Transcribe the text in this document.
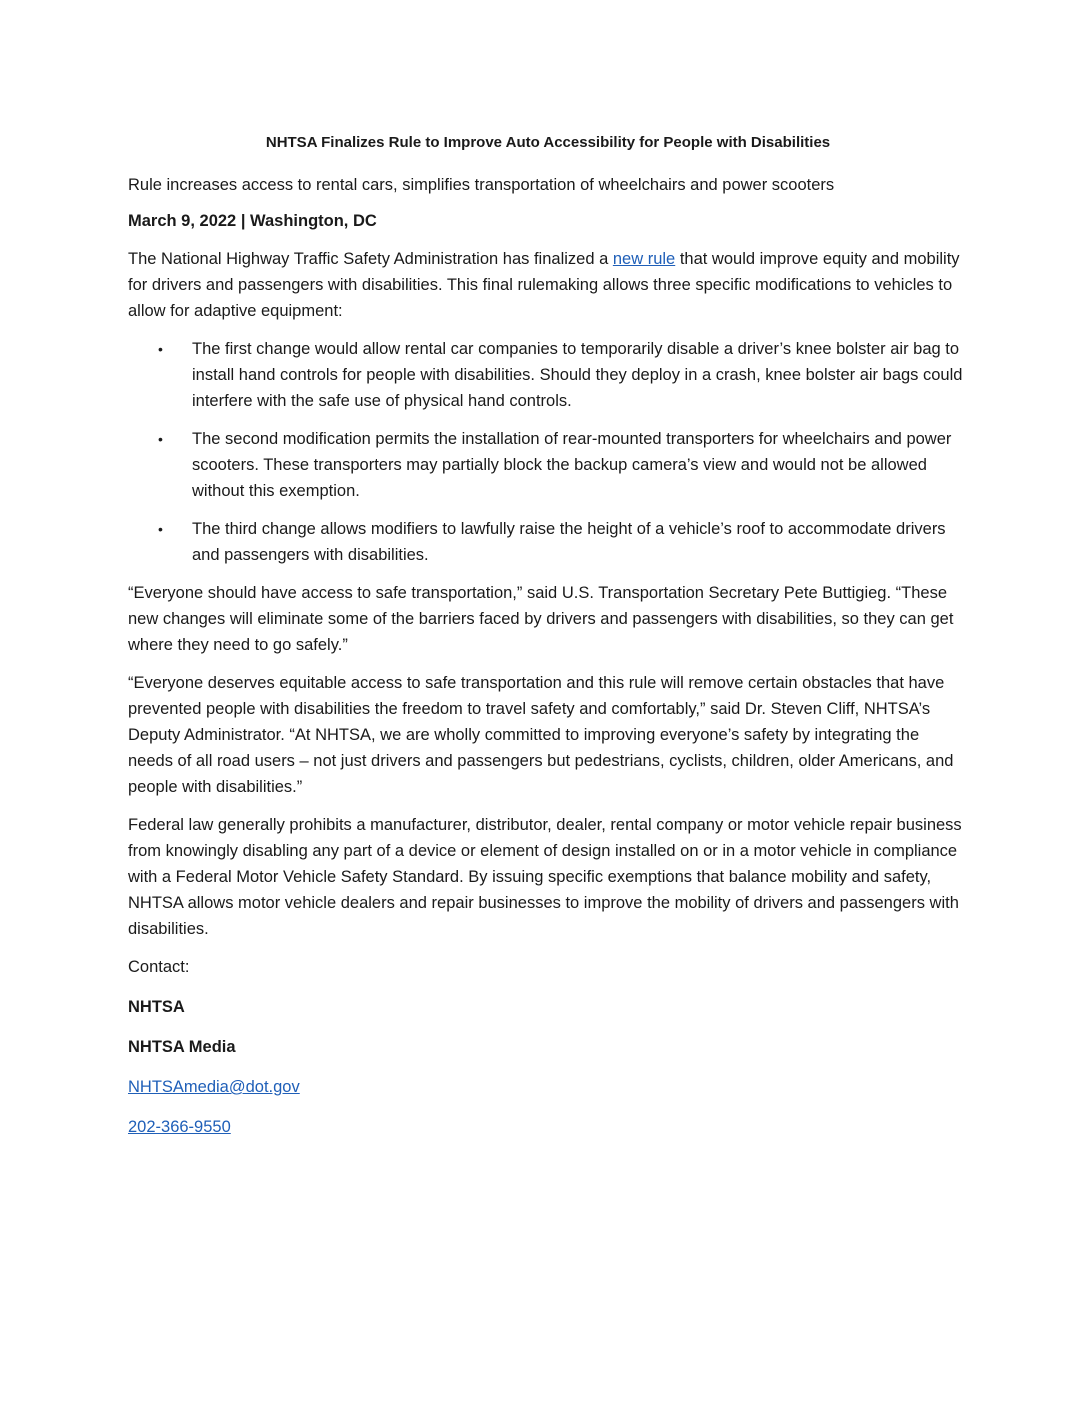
NHTSA Finalizes Rule to Improve Auto Accessibility for People with Disabilities
Rule increases access to rental cars, simplifies transportation of wheelchairs and power scooters
March 9, 2022 | Washington, DC

The National Highway Traffic Safety Administration has finalized a new rule that would improve equity and mobility for drivers and passengers with disabilities. This final rulemaking allows three specific modifications to vehicles to allow for adaptive equipment:

• The first change would allow rental car companies to temporarily disable a driver’s knee bolster air bag to install hand controls for people with disabilities. Should they deploy in a crash, knee bolster air bags could interfere with the safe use of physical hand controls.
• The second modification permits the installation of rear-mounted transporters for wheelchairs and power scooters. These transporters may partially block the backup camera’s view and would not be allowed without this exemption.
• The third change allows modifiers to lawfully raise the height of a vehicle’s roof to accommodate drivers and passengers with disabilities.

“Everyone should have access to safe transportation,” said U.S. Transportation Secretary Pete Buttigieg. “These new changes will eliminate some of the barriers faced by drivers and passengers with disabilities, so they can get where they need to go safely.”

“Everyone deserves equitable access to safe transportation and this rule will remove certain obstacles that have prevented people with disabilities the freedom to travel safety and comfortably,” said Dr. Steven Cliff, NHTSA’s Deputy Administrator. “At NHTSA, we are wholly committed to improving everyone’s safety by integrating the needs of all road users – not just drivers and passengers but pedestrians, cyclists, children, older Americans, and people with disabilities.”

Federal law generally prohibits a manufacturer, distributor, dealer, rental company or motor vehicle repair business from knowingly disabling any part of a device or element of design installed on or in a motor vehicle in compliance with a Federal Motor Vehicle Safety Standard. By issuing specific exemptions that balance mobility and safety, NHTSA allows motor vehicle dealers and repair businesses to improve the mobility of drivers and passengers with disabilities.

Contact:

NHTSA

NHTSA Media

NHTSAmedia@dot.gov

202-366-9550
